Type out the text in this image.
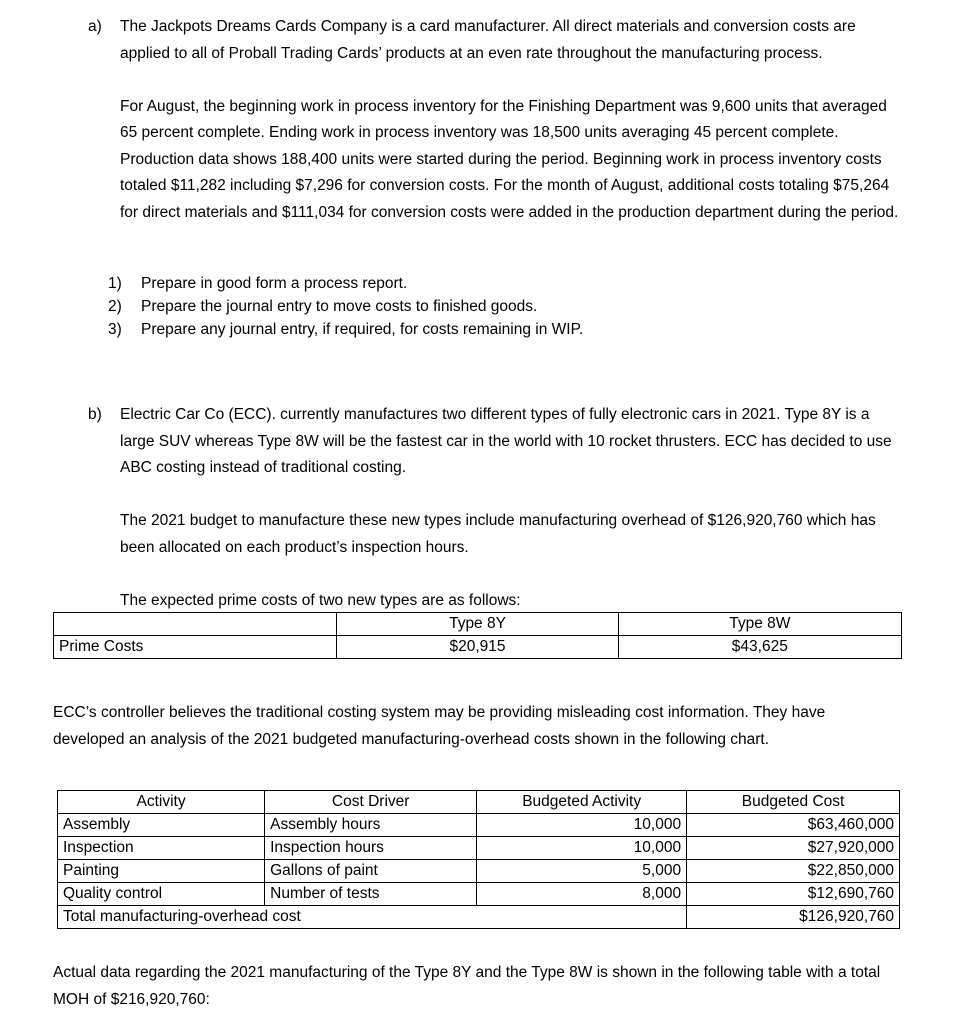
a)	The Jackpots Dreams Cards Company is a card manufacturer. All direct materials and conversion costs are applied to all of Proball Trading Cards’ products at an even rate throughout the manufacturing process.

For August, the beginning work in process inventory for the Finishing Department was 9,600 units that averaged 65 percent complete. Ending work in process inventory was 18,500 units averaging 45 percent complete. Production data shows 188,400 units were started during the period. Beginning work in process inventory costs totaled $11,282 including $7,296 for conversion costs. For the month of August, additional costs totaling $75,264 for direct materials and $111,034 for conversion costs were added in the production department during the period.

1)	Prepare in good form a process report.
2)	Prepare the journal entry to move costs to finished goods.
3)	Prepare any journal entry, if required, for costs remaining in WIP.
b)	Electric Car Co (ECC). currently manufactures two different types of fully electronic cars in 2021. Type 8Y is a large SUV whereas Type 8W will be the fastest car in the world with 10 rocket thrusters. ECC has decided to use ABC costing instead of traditional costing.

The 2021 budget to manufacture these new types include manufacturing overhead of $126,920,760 which has been allocated on each product’s inspection hours.

The expected prime costs of two new types are as follows:

	Type 8Y	Type 8W
Prime Costs	$20,915	$43,625

ECC’s controller believes the traditional costing system may be providing misleading cost information. They have developed an analysis of the 2021 budgeted manufacturing-overhead costs shown in the following chart.

Activity	Cost Driver	Budgeted Activity	Budgeted Cost
Assembly	Assembly hours	10,000	$63,460,000
Inspection	Inspection hours	10,000	$27,920,000
Painting	Gallons of paint	5,000	$22,850,000
Quality control	Number of tests	8,000	$12,690,760
Total manufacturing-overhead cost			$126,920,760

Actual data regarding the 2021 manufacturing of the Type 8Y and the Type 8W is shown in the following table with a total MOH of $216,920,760:
